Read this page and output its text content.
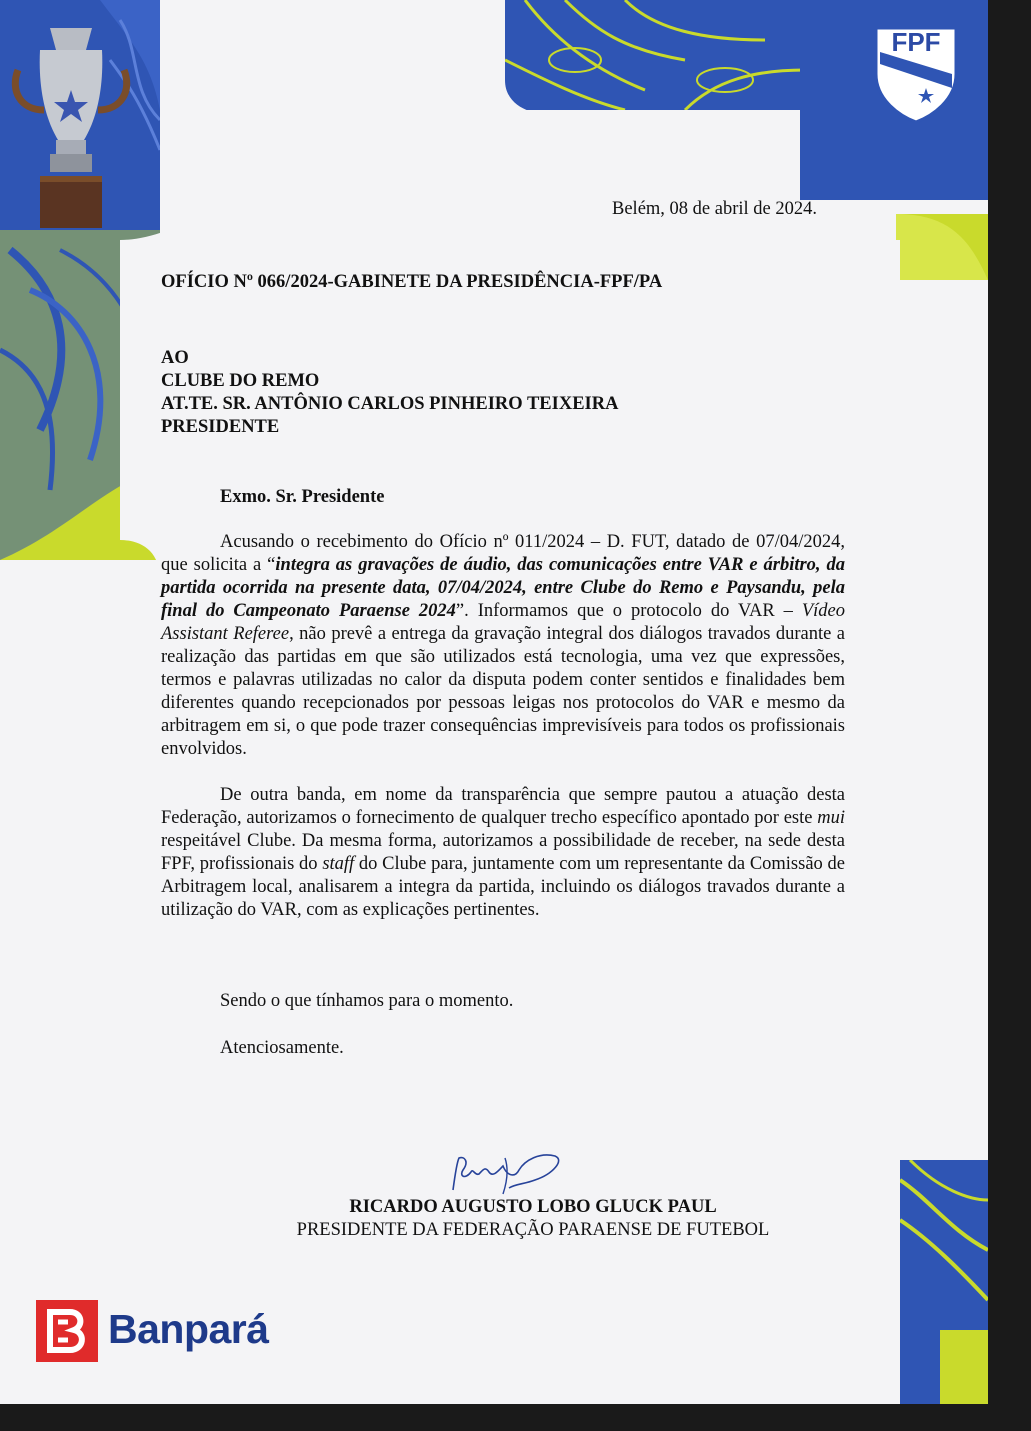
FPF
Belém, 08 de abril de 2024.
OFÍCIO Nº 066/2024-GABINETE DA PRESIDÊNCIA-FPF/PA
AO
CLUBE DO REMO
AT.TE. SR. ANTÔNIO CARLOS PINHEIRO TEIXEIRA
PRESIDENTE
Exmo. Sr. Presidente
Acusando o recebimento do Ofício nº 011/2024 – D. FUT, datado de 07/04/2024, que solicita a “integra as gravações de áudio, das comunicações entre VAR e árbitro, da partida ocorrida na presente data, 07/04/2024, entre Clube do Remo e Paysandu, pela final do Campeonato Paraense 2024”. Informamos que o protocolo do VAR – Vídeo Assistant Referee, não prevê a entrega da gravação integral dos diálogos travados durante a realização das partidas em que são utilizados está tecnologia, uma vez que expressões, termos e palavras utilizadas no calor da disputa podem conter sentidos e finalidades bem diferentes quando recepcionados por pessoas leigas nos protocolos do VAR e mesmo da arbitragem em si, o que pode trazer consequências imprevisíveis para todos os profissionais envolvidos.
De outra banda, em nome da transparência que sempre pautou a atuação desta Federação, autorizamos o fornecimento de qualquer trecho específico apontado por este mui respeitável Clube. Da mesma forma, autorizamos a possibilidade de receber, na sede desta FPF, profissionais do staff do Clube para, juntamente com um representante da Comissão de Arbitragem local, analisarem a integra da partida, incluindo os diálogos travados durante a utilização do VAR, com as explicações pertinentes.
Sendo o que tínhamos para o momento.
Atenciosamente.
RICARDO AUGUSTO LOBO GLUCK PAUL
PRESIDENTE DA FEDERAÇÃO PARAENSE DE FUTEBOL
Banpará
